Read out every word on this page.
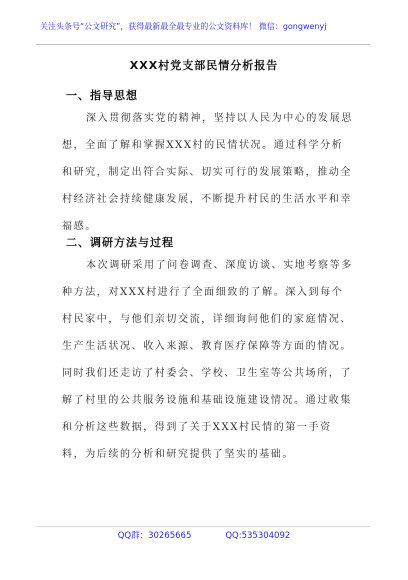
关注头条号“公文研究”，获得最新最全最专业的公文资料库！ 微信：gongwenyj
XXX村党支部民情分析报告
一、指导思想
深入贯彻落实党的精神，坚持以人民为中心的发展思想，全面了解和掌握XXX村的民情状况。通过科学分析和研究，制定出符合实际、切实可行的发展策略，推动全村经济社会持续健康发展，不断提升村民的生活水平和幸福感。
二、调研方法与过程
本次调研采用了问卷调查、深度访谈、实地考察等多种方法，对XXX村进行了全面细致的了解。深入到每个村民家中，与他们亲切交流，详细询问他们的家庭情况、生产生活状况、收入来源、教育医疗保障等方面的情况。同时我们还走访了村委会、学校、卫生室等公共场所，了解了村里的公共服务设施和基础设施建设情况。通过收集和分析这些数据，得到了关于XXX村民情的第一手资料，为后续的分析和研究提供了坚实的基础。
QQ群：30265665	QQ:535304092
